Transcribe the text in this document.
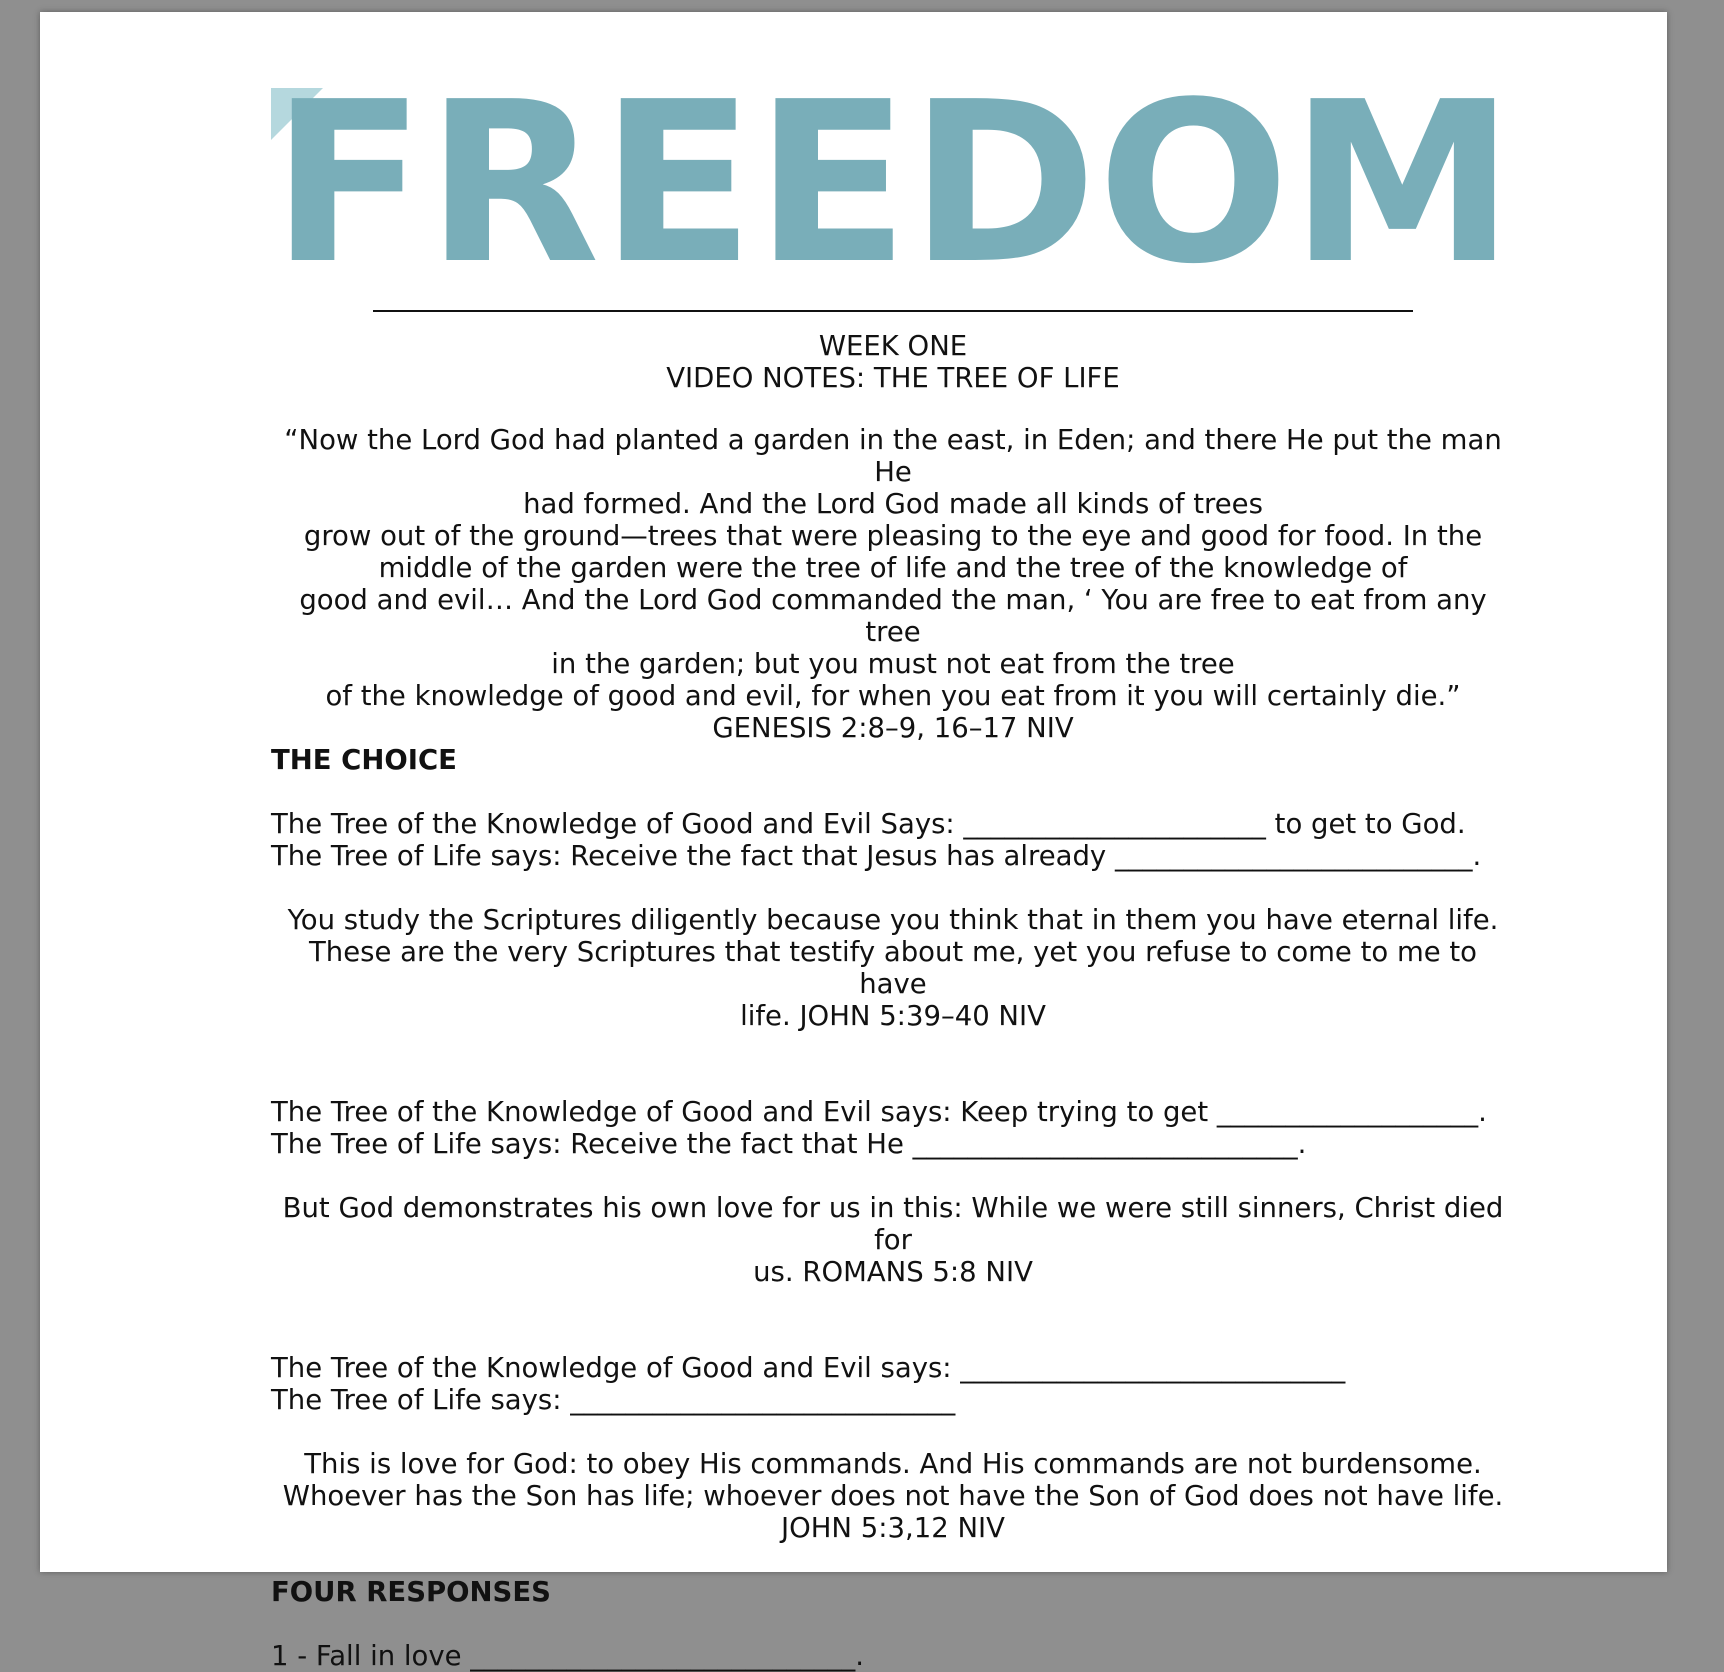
FREEDOM

WEEK ONE

VIDEO NOTES: THE TREE OF LIFE

“Now the Lord God had planted a garden in the east, in Eden; and there He put the man He

had formed. And the Lord God made all kinds of trees

grow out of the ground—trees that were pleasing to the eye and good for food. In the

middle of the garden were the tree of life and the tree of the knowledge of

good and evil… And the Lord God commanded the man, ‘ You are free to eat from any tree

in the garden; but you must not eat from the tree

of the knowledge of good and evil, for when you eat from it you will certainly die.”

GENESIS 2:8–9, 16–17 NIV

THE CHOICE

The Tree of the Knowledge of Good and Evil Says: ______________________ to get to God.

The Tree of Life says: Receive the fact that Jesus has already __________________________.

You study the Scriptures diligently because you think that in them you have eternal life.

These are the very Scriptures that testify about me, yet you refuse to come to me to have

life. JOHN 5:39–40 NIV

The Tree of the Knowledge of Good and Evil says: Keep trying to get ___________________.

The Tree of Life says: Receive the fact that He ____________________________.

But God demonstrates his own love for us in this: While we were still sinners, Christ died for

us. ROMANS 5:8 NIV

The Tree of the Knowledge of Good and Evil says: ____________________________

The Tree of Life says: ____________________________

This is love for God: to obey His commands. And His commands are not burdensome.

Whoever has the Son has life; whoever does not have the Son of God does not have life.

JOHN 5:3,12 NIV

FOUR RESPONSES

1 - Fall in love ____________________________.
